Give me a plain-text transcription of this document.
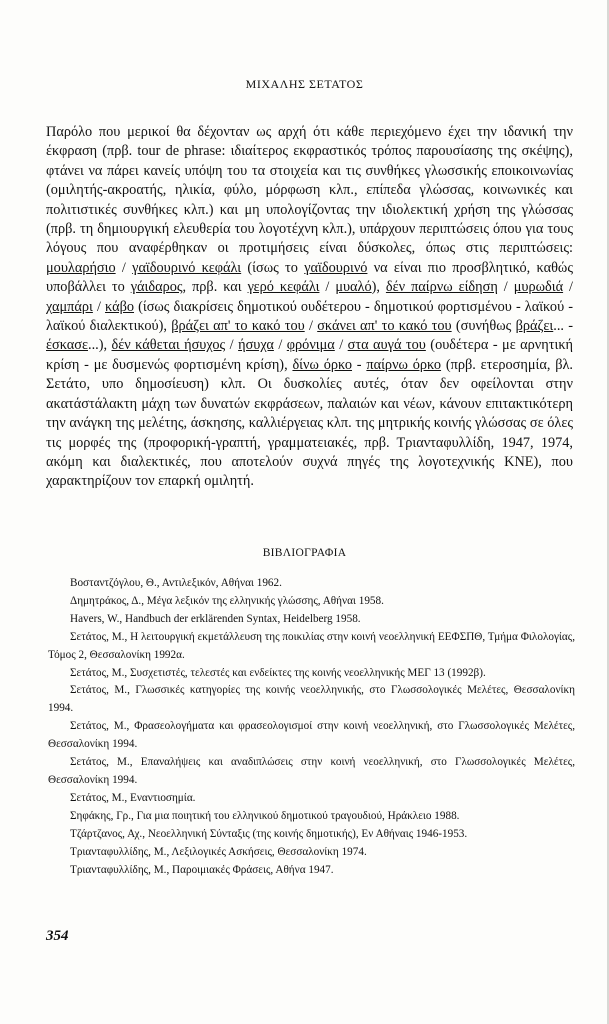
ΜΙΧΑΛΗΣ ΣΕΤΑΤΟΣ

Παρόλο που μερικοί θα δέχονταν ως αρχή ότι κάθε περιεχόμενο έχει την ιδανική την έκφραση (πρβ. tour de phrase: ιδιαίτερος εκφραστικός τρόπος παρουσίασης της σκέψης), φτάνει να πάρει κανείς υπόψη του τα στοιχεία και τις συνθήκες γλωσσικής εποικοινωνίας (ομιλητής-ακροατής, ηλικία, φύλο, μόρφωση κλπ., επίπεδα γλώσσας, κοινωνικές και πολιτιστικές συνθήκες κλπ.) και μη υπολογίζοντας την ιδιολεκτική χρήση της γλώσσας (πρβ. τη δημιουργική ελευθερία του λογοτέχνη κλπ.), υπάρχουν περιπτώσεις όπου για τους λόγους που αναφέρθηκαν οι προτιμήσεις είναι δύσκολες, όπως στις περιπτώσεις: μουλαρήσιο / γαϊδουρινό κεφάλι (ίσως το γαϊδουρινό να είναι πιο προσβλητικό, καθώς υποβάλλει το γάιδαρος, πρβ. και γερό κεφάλι / μυαλό), δέν παίρνω είδηση / μυρωδιά / χαμπάρι / κάβο (ίσως διακρίσεις δημοτικού ουδέτερου - δημοτικού φορτισμένου - λαϊκού - λαϊκού διαλεκτικού), βράζει απ' το κακό του / σκάνει απ' το κακό του (συνήθως βράζει... - έσκασε...), δέν κάθεται ήσυχος / ήσυχα / φρόνιμα / στα αυγά του (ουδέτερα - με αρνητική κρίση - με δυσμενώς φορτισμένη κρίση), δίνω όρκο - παίρνω όρκο (πρβ. ετεροσημία, βλ. Σετάτο, υπο δημοσίευση) κλπ. Οι δυσκολίες αυτές, όταν δεν οφείλονται στην ακατάστάλακτη μάχη των δυνατών εκφράσεων, παλαιών και νέων, κάνουν επιτακτικότερη την ανάγκη της μελέτης, άσκησης, καλλιέργειας κλπ. της μητρικής κοινής γλώσσας σε όλες τις μορφές της (προφορική-γραπτή, γραμματειακές, πρβ. Τριανταφυλλίδη, 1947, 1974, ακόμη και διαλεκτικές, που αποτελούν συχνά πηγές της λογοτεχνικής ΚΝΕ), που χαρακτηρίζουν τον επαρκή ομιλητή.

ΒΙΒΛΙΟΓΡΑΦΙΑ
Βοσταντζόγλου, Θ., Αντιλεξικόν, Αθήναι 1962.
Δημητράκος, Δ., Μέγα λεξικόν της ελληνικής γλώσσης, Αθήναι 1958.
Havers, W., Handbuch der erklärenden Syntax, Heidelberg 1958.
Σετάτος, Μ., Η λειτουργική εκμετάλλευση της ποικιλίας στην κοινή νεοελληνική ΕΕΦΣΠΘ, Τμήμα Φιλολογίας, Τόμος 2, Θεσσαλονίκη 1992α.
Σετάτος, Μ., Συσχετιστές, τελεστές και ενδείκτες της κοινής νεοελληνικής ΜΕΓ 13 (1992β).
Σετάτος, Μ., Γλωσσικές κατηγορίες της κοινής νεοελληνικής, στο Γλωσσολογικές Μελέτες, Θεσσαλονίκη 1994.
Σετάτος, Μ., Φρασεολογήματα και φρασεολογισμοί στην κοινή νεοελληνική, στο Γλωσσολογικές Μελέτες, Θεσσαλονίκη 1994.
Σετάτος, Μ., Επαναλήψεις και αναδιπλώσεις στην κοινή νεοελληνική, στο Γλωσσολογικές Μελέτες, Θεσσαλονίκη 1994.
Σετάτος, Μ., Εναντιοσημία.
Σηφάκης, Γρ., Για μια ποιητική του ελληνικού δημοτικού τραγουδιού, Ηράκλειο 1988.
Τζάρτζανος, Αχ., Νεοελληνική Σύνταξις (της κοινής δημοτικής), Εν Αθήναις 1946-1953.
Τριανταφυλλίδης, Μ., Λεξιλογικές Ασκήσεις, Θεσσαλονίκη 1974.
Τριανταφυλλίδης, Μ., Παροιμιακές Φράσεις, Αθήνα 1947.
354
